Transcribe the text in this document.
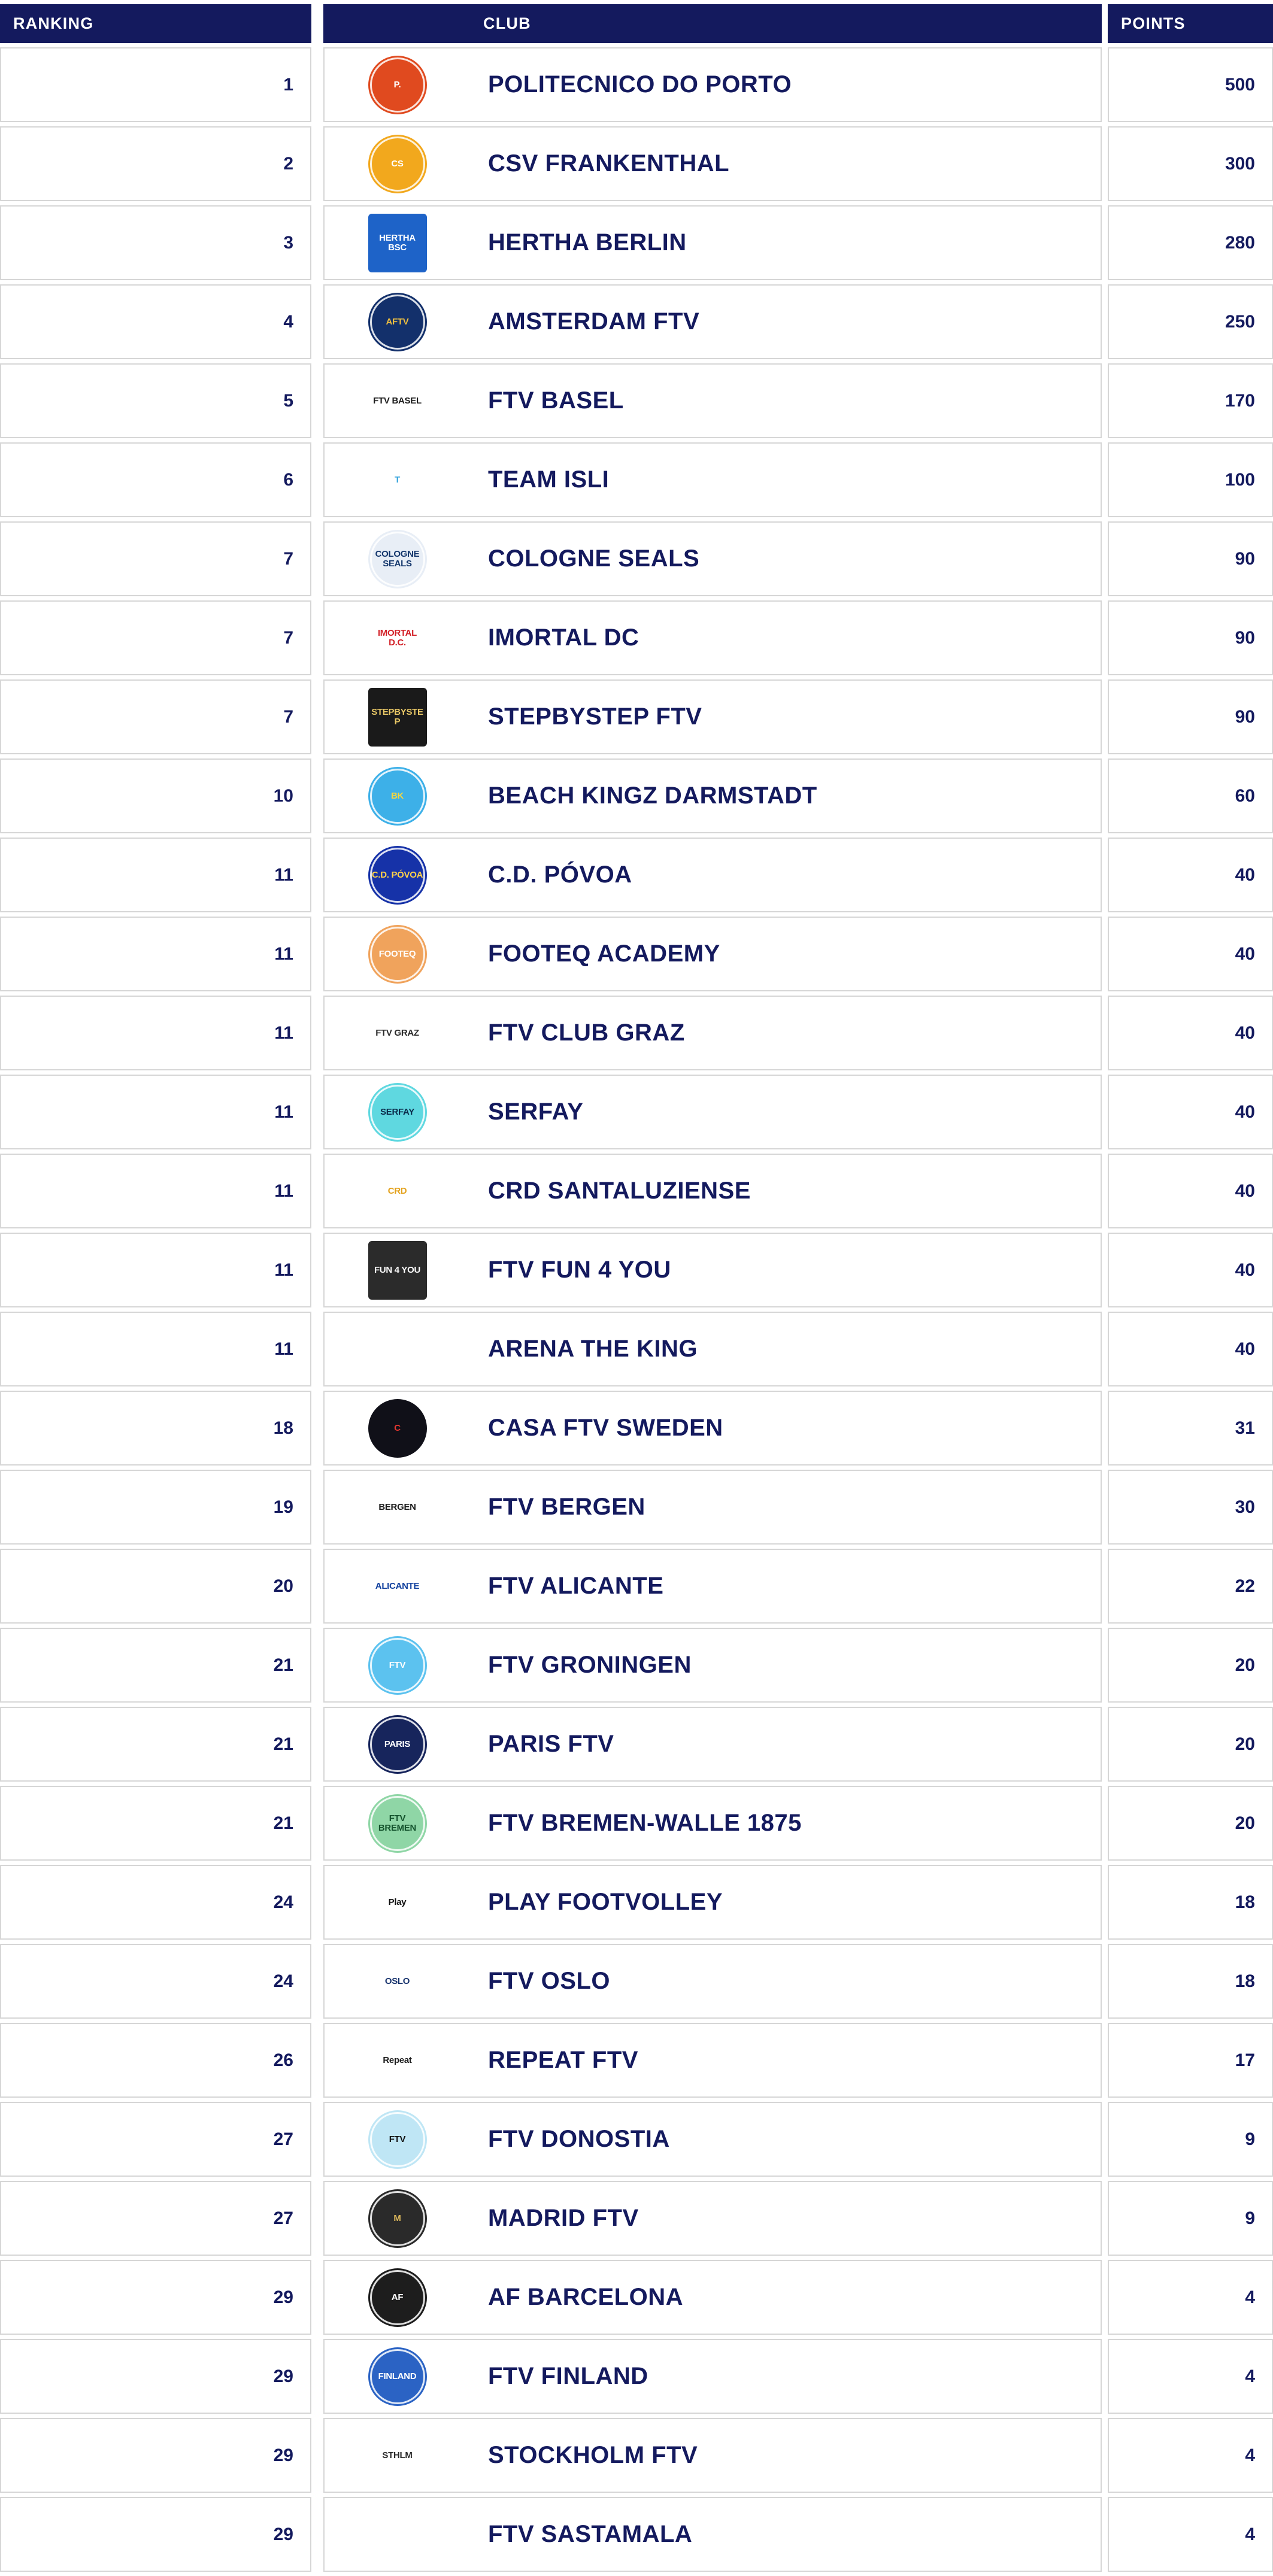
RANKING			CLUB		POINTS
1		P.	POLITECNICO DO PORTO		500
2		CS	CSV FRANKENTHAL		300
3		HERTHA BSC	HERTHA BERLIN		280
4		AFTV	AMSTERDAM FTV		250
5		FTV BASEL	FTV BASEL		170
6		T	TEAM ISLI		100
7		COLOGNE SEALS	COLOGNE SEALS		90
7		IMORTAL D.C.	IMORTAL DC		90
7		STEPBYSTEP	STEPBYSTEP FTV		90
10		BK	BEACH KINGZ DARMSTADT		60
11		C.D. PÓVOA	C.D. PÓVOA		40
11		FOOTEQ	FOOTEQ ACADEMY		40
11		FTV GRAZ	FTV CLUB GRAZ		40
11		SERFAY	SERFAY		40
11		CRD	CRD SANTALUZIENSE		40
11		FUN 4 YOU	FTV FUN 4 YOU		40
11			ARENA THE KING		40
18		C	CASA FTV SWEDEN		31
19		BERGEN	FTV BERGEN		30
20		ALICANTE	FTV ALICANTE		22
21		FTV	FTV GRONINGEN		20
21		PARIS	PARIS FTV		20
21		FTV BREMEN	FTV BREMEN-WALLE 1875		20
24		Play	PLAY FOOTVOLLEY		18
24		OSLO	FTV OSLO		18
26		Repeat	REPEAT FTV		17
27		FTV	FTV DONOSTIA		9
27		M	MADRID FTV		9
29		AF	AF BARCELONA		4
29		FINLAND	FTV FINLAND		4
29		STHLM	STOCKHOLM FTV		4
29			FTV SASTAMALA		4
